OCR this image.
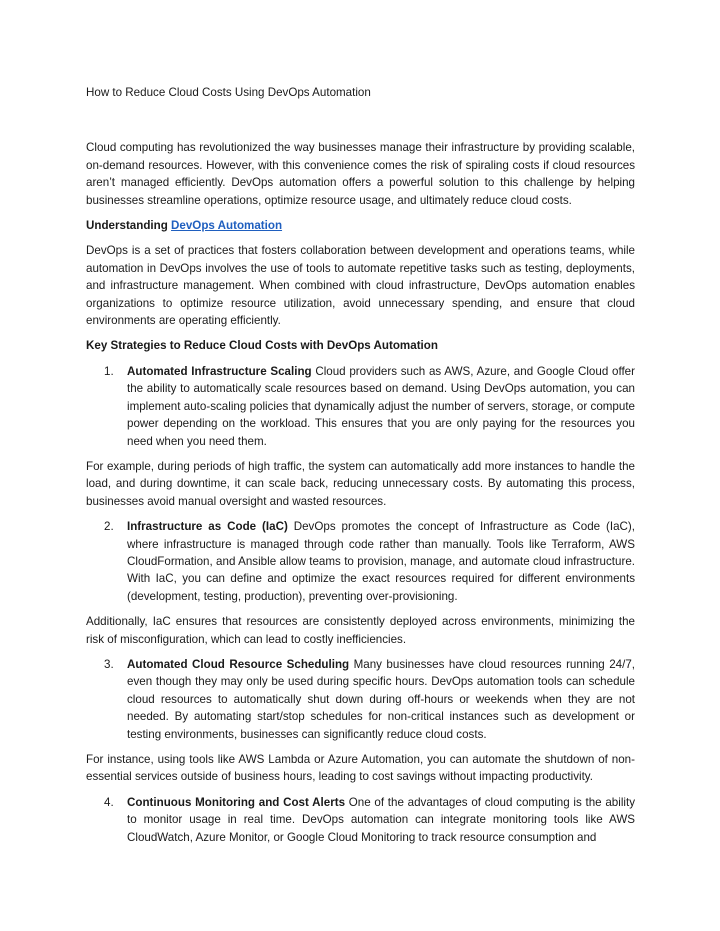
How to Reduce Cloud Costs Using DevOps Automation

Cloud computing has revolutionized the way businesses manage their infrastructure by providing scalable, on-demand resources. However, with this convenience comes the risk of spiraling costs if cloud resources aren’t managed efficiently. DevOps automation offers a powerful solution to this challenge by helping businesses streamline operations, optimize resource usage, and ultimately reduce cloud costs.

Understanding DevOps Automation

DevOps is a set of practices that fosters collaboration between development and operations teams, while automation in DevOps involves the use of tools to automate repetitive tasks such as testing, deployments, and infrastructure management. When combined with cloud infrastructure, DevOps automation enables organizations to optimize resource utilization, avoid unnecessary spending, and ensure that cloud environments are operating efficiently.

Key Strategies to Reduce Cloud Costs with DevOps Automation
1. Automated Infrastructure Scaling Cloud providers such as AWS, Azure, and Google Cloud offer the ability to automatically scale resources based on demand. Using DevOps automation, you can implement auto-scaling policies that dynamically adjust the number of servers, storage, or compute power depending on the workload. This ensures that you are only paying for the resources you need when you need them.

For example, during periods of high traffic, the system can automatically add more instances to handle the load, and during downtime, it can scale back, reducing unnecessary costs. By automating this process, businesses avoid manual oversight and wasted resources.

2. Infrastructure as Code (IaC) DevOps promotes the concept of Infrastructure as Code (IaC), where infrastructure is managed through code rather than manually. Tools like Terraform, AWS CloudFormation, and Ansible allow teams to provision, manage, and automate cloud infrastructure. With IaC, you can define and optimize the exact resources required for different environments (development, testing, production), preventing over-provisioning.

Additionally, IaC ensures that resources are consistently deployed across environments, minimizing the risk of misconfiguration, which can lead to costly inefficiencies.

3. Automated Cloud Resource Scheduling Many businesses have cloud resources running 24/7, even though they may only be used during specific hours. DevOps automation tools can schedule cloud resources to automatically shut down during off-hours or weekends when they are not needed. By automating start/stop schedules for non-critical instances such as development or testing environments, businesses can significantly reduce cloud costs.

For instance, using tools like AWS Lambda or Azure Automation, you can automate the shutdown of non-essential services outside of business hours, leading to cost savings without impacting productivity.

4. Continuous Monitoring and Cost Alerts One of the advantages of cloud computing is the ability to monitor usage in real time. DevOps automation can integrate monitoring tools like AWS CloudWatch, Azure Monitor, or Google Cloud Monitoring to track resource consumption and
